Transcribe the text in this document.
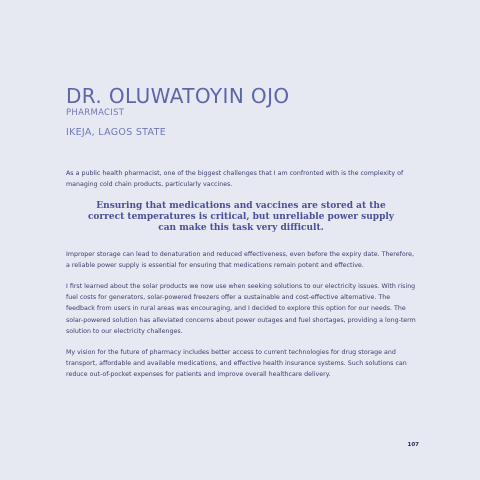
DR. OLUWATOYIN OJO
PHARMACIST
IKEJA, LAGOS STATE

As a public health pharmacist, one of the biggest challenges that I am confronted with is the complexity of managing cold chain products, particularly vaccines.

Ensuring that medications and vaccines are stored at the correct temperatures is critical, but unreliable power supply can make this task very difficult.

Improper storage can lead to denaturation and reduced effectiveness, even before the expiry date. Therefore, a reliable power supply is essential for ensuring that medications remain potent and effective.

I first learned about the solar products we now use when seeking solutions to our electricity issues. With rising fuel costs for generators, solar-powered freezers offer a sustainable and cost-effective alternative. The feedback from users in rural areas was encouraging, and I decided to explore this option for our needs. The solar-powered solution has alleviated concerns about power outages and fuel shortages, providing a long-term solution to our electricity challenges.

My vision for the future of pharmacy includes better access to current technologies for drug storage and transport, affordable and available medications, and effective health insurance systems. Such solutions can reduce out-of-pocket expenses for patients and improve overall healthcare delivery.

107
